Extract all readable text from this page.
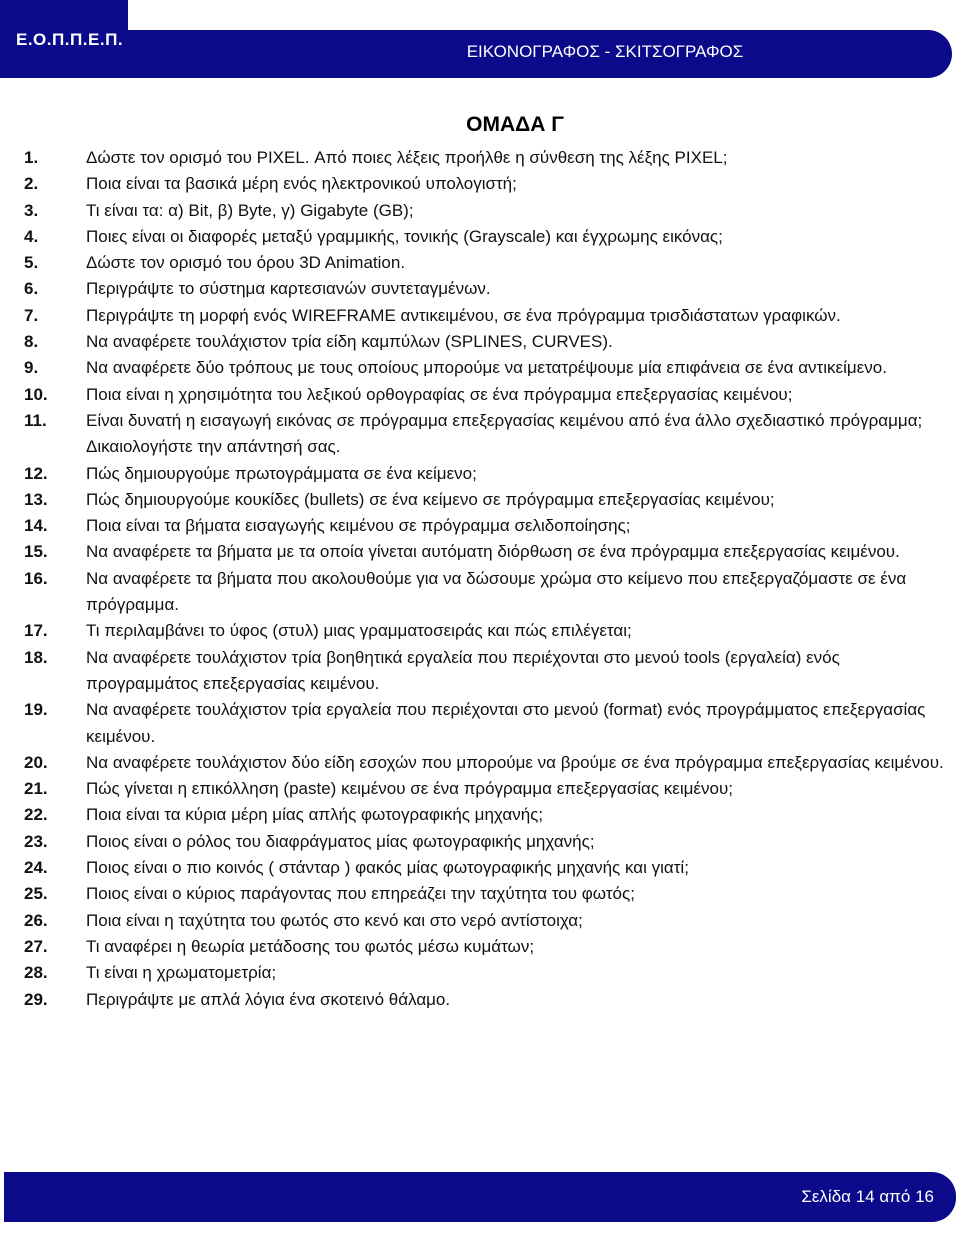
Ε.Ο.Π.Π.Ε.Π.
ΕΙΚΟΝΟΓΡΑΦΟΣ - ΣΚΙΤΣΟΓΡΑΦΟΣ
ΟΜΑΔΑ Γ
1.	Δώστε τον ορισμό του PIXEL. Από ποιες λέξεις προήλθε η σύνθεση της λέξης PIXEL;
2.	Ποια είναι τα βασικά μέρη ενός ηλεκτρονικού υπολογιστή;
3.	Τι είναι τα: α) Bit, β) Byte, γ) Gigabyte (GB);
4.	Ποιες είναι οι διαφορές μεταξύ γραμμικής, τονικής (Grayscale) και έγχρωμης εικόνας;
5.	Δώστε τον ορισμό του όρου 3D Animation.
6.	Περιγράψτε το σύστημα καρτεσιανών συντεταγμένων.
7.	Περιγράψτε τη μορφή ενός WIREFRAME αντικειμένου, σε ένα πρόγραμμα τρισδιάστατων γραφικών.
8.	Να αναφέρετε τουλάχιστον τρία είδη καμπύλων (SPLINES, CURVES).
9.	Να αναφέρετε δύο τρόπους με τους οποίους μπορούμε να μετατρέψουμε μία επιφάνεια σε ένα αντικείμενο.
10.	Ποια είναι η χρησιμότητα του λεξικού ορθογραφίας σε ένα πρόγραμμα επεξεργασίας κειμένου;
11.	Είναι δυνατή η εισαγωγή εικόνας σε πρόγραμμα επεξεργασίας κειμένου από ένα άλλο σχεδιαστικό πρόγραμμα; Δικαιολογήστε την απάντησή σας.
12.	Πώς δημιουργούμε πρωτογράμματα σε ένα κείμενο;
13.	Πώς δημιουργούμε κουκίδες (bullets) σε ένα κείμενο σε πρόγραμμα επεξεργασίας κειμένου;
14.	Ποια είναι τα βήματα εισαγωγής κειμένου σε πρόγραμμα σελιδοποίησης;
15.	Να αναφέρετε τα βήματα με τα οποία γίνεται αυτόματη διόρθωση σε ένα πρόγραμμα επεξεργασίας κειμένου.
16.	Να αναφέρετε τα βήματα που ακολουθούμε για να δώσουμε χρώμα στο κείμενο που επεξεργαζόμαστε σε ένα πρόγραμμα.
17.	Τι περιλαμβάνει το ύφος (στυλ) μιας γραμματοσειράς και πώς επιλέγεται;
18.	Να αναφέρετε τουλάχιστον τρία βοηθητικά εργαλεία που περιέχονται στο μενού tools (εργαλεία) ενός προγραμμάτος επεξεργασίας κειμένου.
19.	Να αναφέρετε τουλάχιστον τρία εργαλεία που περιέχονται στο μενού (format) ενός προγράμματος επεξεργασίας κειμένου.
20.	Να αναφέρετε τουλάχιστον δύο είδη εσοχών που μπορούμε να βρούμε σε ένα πρόγραμμα επεξεργασίας κειμένου.
21.	Πώς γίνεται η επικόλληση (paste) κειμένου σε ένα πρόγραμμα επεξεργασίας κειμένου;
22.	Ποια είναι τα κύρια μέρη μίας απλής φωτογραφικής μηχανής;
23.	Ποιος είναι ο ρόλος του διαφράγματος μίας φωτογραφικής μηχανής;
24.	Ποιος είναι ο πιο κοινός ( στάνταρ ) φακός μίας φωτογραφικής μηχανής και γιατί;
25.	Ποιος είναι ο κύριος παράγοντας που επηρεάζει την ταχύτητα του φωτός;
26.	Ποια είναι η ταχύτητα του φωτός στο κενό και στο νερό αντίστοιχα;
27.	Τι αναφέρει η θεωρία μετάδοσης του φωτός μέσω κυμάτων;
28.	Τι είναι η χρωματομετρία;
29.	Περιγράψτε με απλά λόγια ένα σκοτεινό θάλαμο.
Σελίδα 14 από 16
